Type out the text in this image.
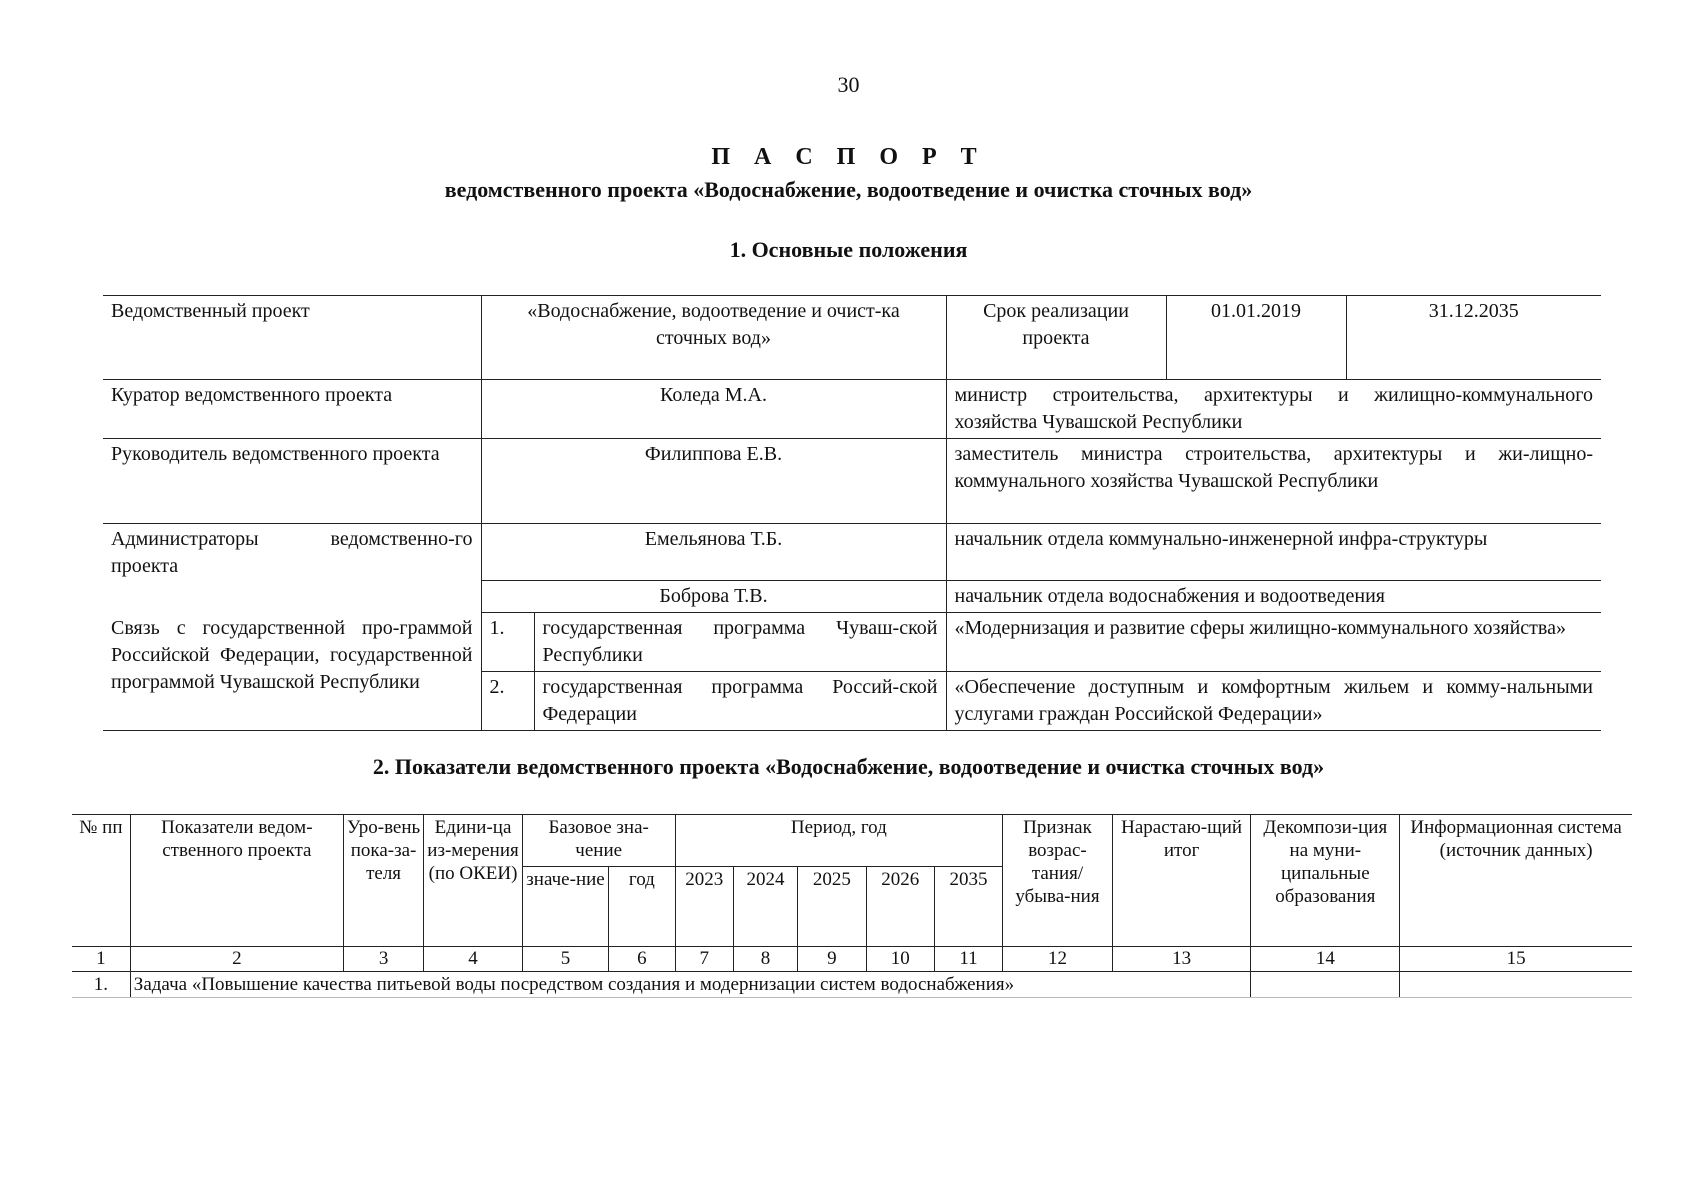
30
П А С П О Р Т
ведомственного проекта «Водоснабжение, водоотведение и очистка сточных вод»
1. Основные положения
Ведомственный проект	«Водоснабжение, водоотведение и очист-ка сточных вод»		Срок реализации проекта	01.01.2019	31.12.2035
Куратор ведомственного проекта	Коледа М.А.		министр строительства, архитектуры и жилищно-коммунального хозяйства Чувашской Республики		
Руководитель ведомственного проекта	Филиппова Е.В.		заместитель министра строительства, архитектуры и жи-лищно-коммунального хозяйства Чувашской Республики		
Администраторы ведомственно-го проекта	Емельянова Т.Б.		начальник отдела коммунально-инженерной инфра-структуры		
	Боброва Т.В.		начальник отдела водоснабжения и водоотведения		
Связь с государственной про-граммой Российской Федерации, государственной программой Чувашской Республики	1.	государственная программа Чуваш-ской Республики	«Модернизация и развитие сферы жилищно-коммунального хозяйства»		
	2.	государственная программа Россий-ской Федерации	«Обеспечение доступным и комфортным жильем и комму-нальными услугами граждан Российской Федерации»		
2. Показатели ведомственного проекта «Водоснабжение, водоотведение и очистка сточных вод»
№ пп	Показатели ведом-ственного проекта	Уро-вень пока-за-теля	Едини-ца из-мерения (по ОКЕИ)	Базовое зна-чение		Период, год					Признак возрас-тания/ убыва-ния	Нарастаю-щий итог	Декомпози-ция на муни-ципальные образования	Информационная система (источник данных)
				значе-ние	год	2023	2024	2025	2026	2035				
1	2	3	4	5	6	7	8	9	10	11	12	13	14	15
1.	Задача «Повышение качества питьевой воды посредством создания и модернизации систем водоснабжения»													
